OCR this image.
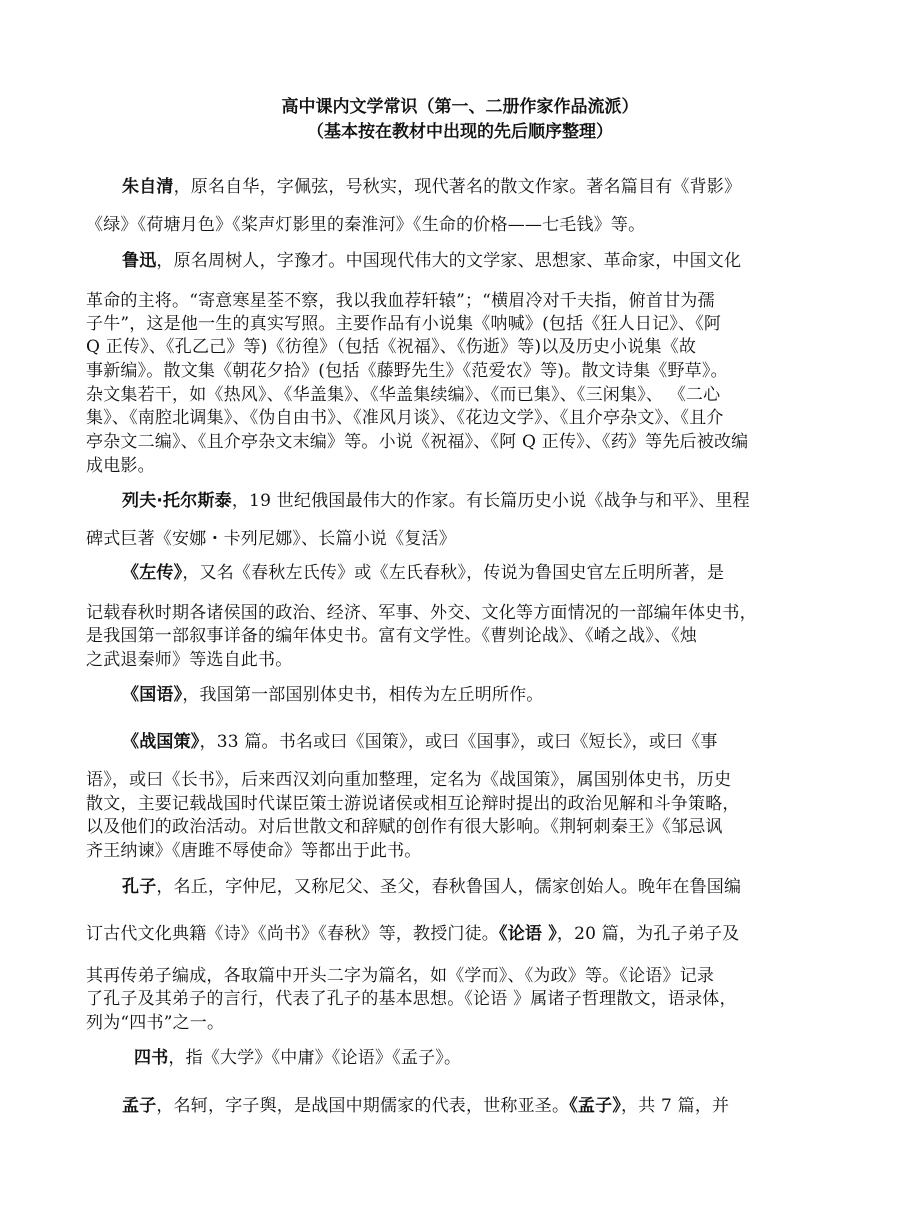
高中课内文学常识（第一、二册作家作品流派）
（基本按在教材中出现的先后顺序整理）
朱自清，原名自华，字佩弦，号秋实，现代著名的散文作家。著名篇目有《背影》
《绿》《荷塘月色》《桨声灯影里的秦淮河》《生命的价格——七毛钱》等。
鲁迅，原名周树人，字豫才。中国现代伟大的文学家、思想家、革命家，中国文化
革命的主将。“寄意寒星荃不察，我以我血荐轩辕”；“横眉冷对千夫指，俯首甘为孺
子牛”，这是他一生的真实写照。主要作品有小说集《呐喊》(包括《狂人日记》、《阿
Q 正传》、《孔乙己》等)《彷徨》（包括《祝福》、《伤逝》等)以及历史小说集《故
事新编》。散文集《朝花夕拾》(包括《藤野先生》《范爱农》等)。散文诗集《野草》。
杂文集若干，如《热风》、《华盖集》、《华盖集续编》、《而已集》、《三闲集》、 《二心
集》、《南腔北调集》、《伪自由书》、《准风月谈》、《花边文学》、《且介亭杂文》、《且介
亭杂文二编》、《且介亭杂文末编》等。小说《祝福》、《阿 Q 正传》、《药》等先后被改编
成电影。
列夫·托尔斯泰，19 世纪俄国最伟大的作家。有长篇历史小说《战争与和平》、里程
碑式巨著《安娜・卡列尼娜》、长篇小说《复活》
《左传》，又名《春秋左氏传》或《左氏春秋》，传说为鲁国史官左丘明所著，是
记载春秋时期各诸侯国的政治、经济、军事、外交、文化等方面情况的一部编年体史书，
是我国第一部叙事详备的编年体史书。富有文学性。《曹刿论战》、《崤之战》、《烛
之武退秦师》等选自此书。
《国语》，我国第一部国别体史书，相传为左丘明所作。
《战国策》，33 篇。书名或曰《国策》，或曰《国事》，或曰《短长》，或曰《事
语》，或曰《长书》，后来西汉刘向重加整理，定名为《战国策》，属国别体史书，历史
散文，主要记载战国时代谋臣策士游说诸侯或相互论辩时提出的政治见解和斗争策略，
以及他们的政治活动。对后世散文和辞赋的创作有很大影响。《荆轲刺秦王》《邹忌讽
齐王纳谏》《唐雎不辱使命》等都出于此书。
孔子，名丘，字仲尼，又称尼父、圣父，春秋鲁国人，儒家创始人。晚年在鲁国编
订古代文化典籍《诗》《尚书》《春秋》等，教授门徒。《论语 》，20 篇，为孔子弟子及
其再传弟子编成，各取篇中开头二字为篇名，如《学而》、《为政》等。《论语》记录
了孔子及其弟子的言行，代表了孔子的基本思想。《论语 》属诸子哲理散文，语录体，
列为“四书”之一。
四书，指《大学》《中庸》《论语》《孟子》。
孟子，名轲，字子舆，是战国中期儒家的代表，世称亚圣。《孟子》，共 7 篇，并
